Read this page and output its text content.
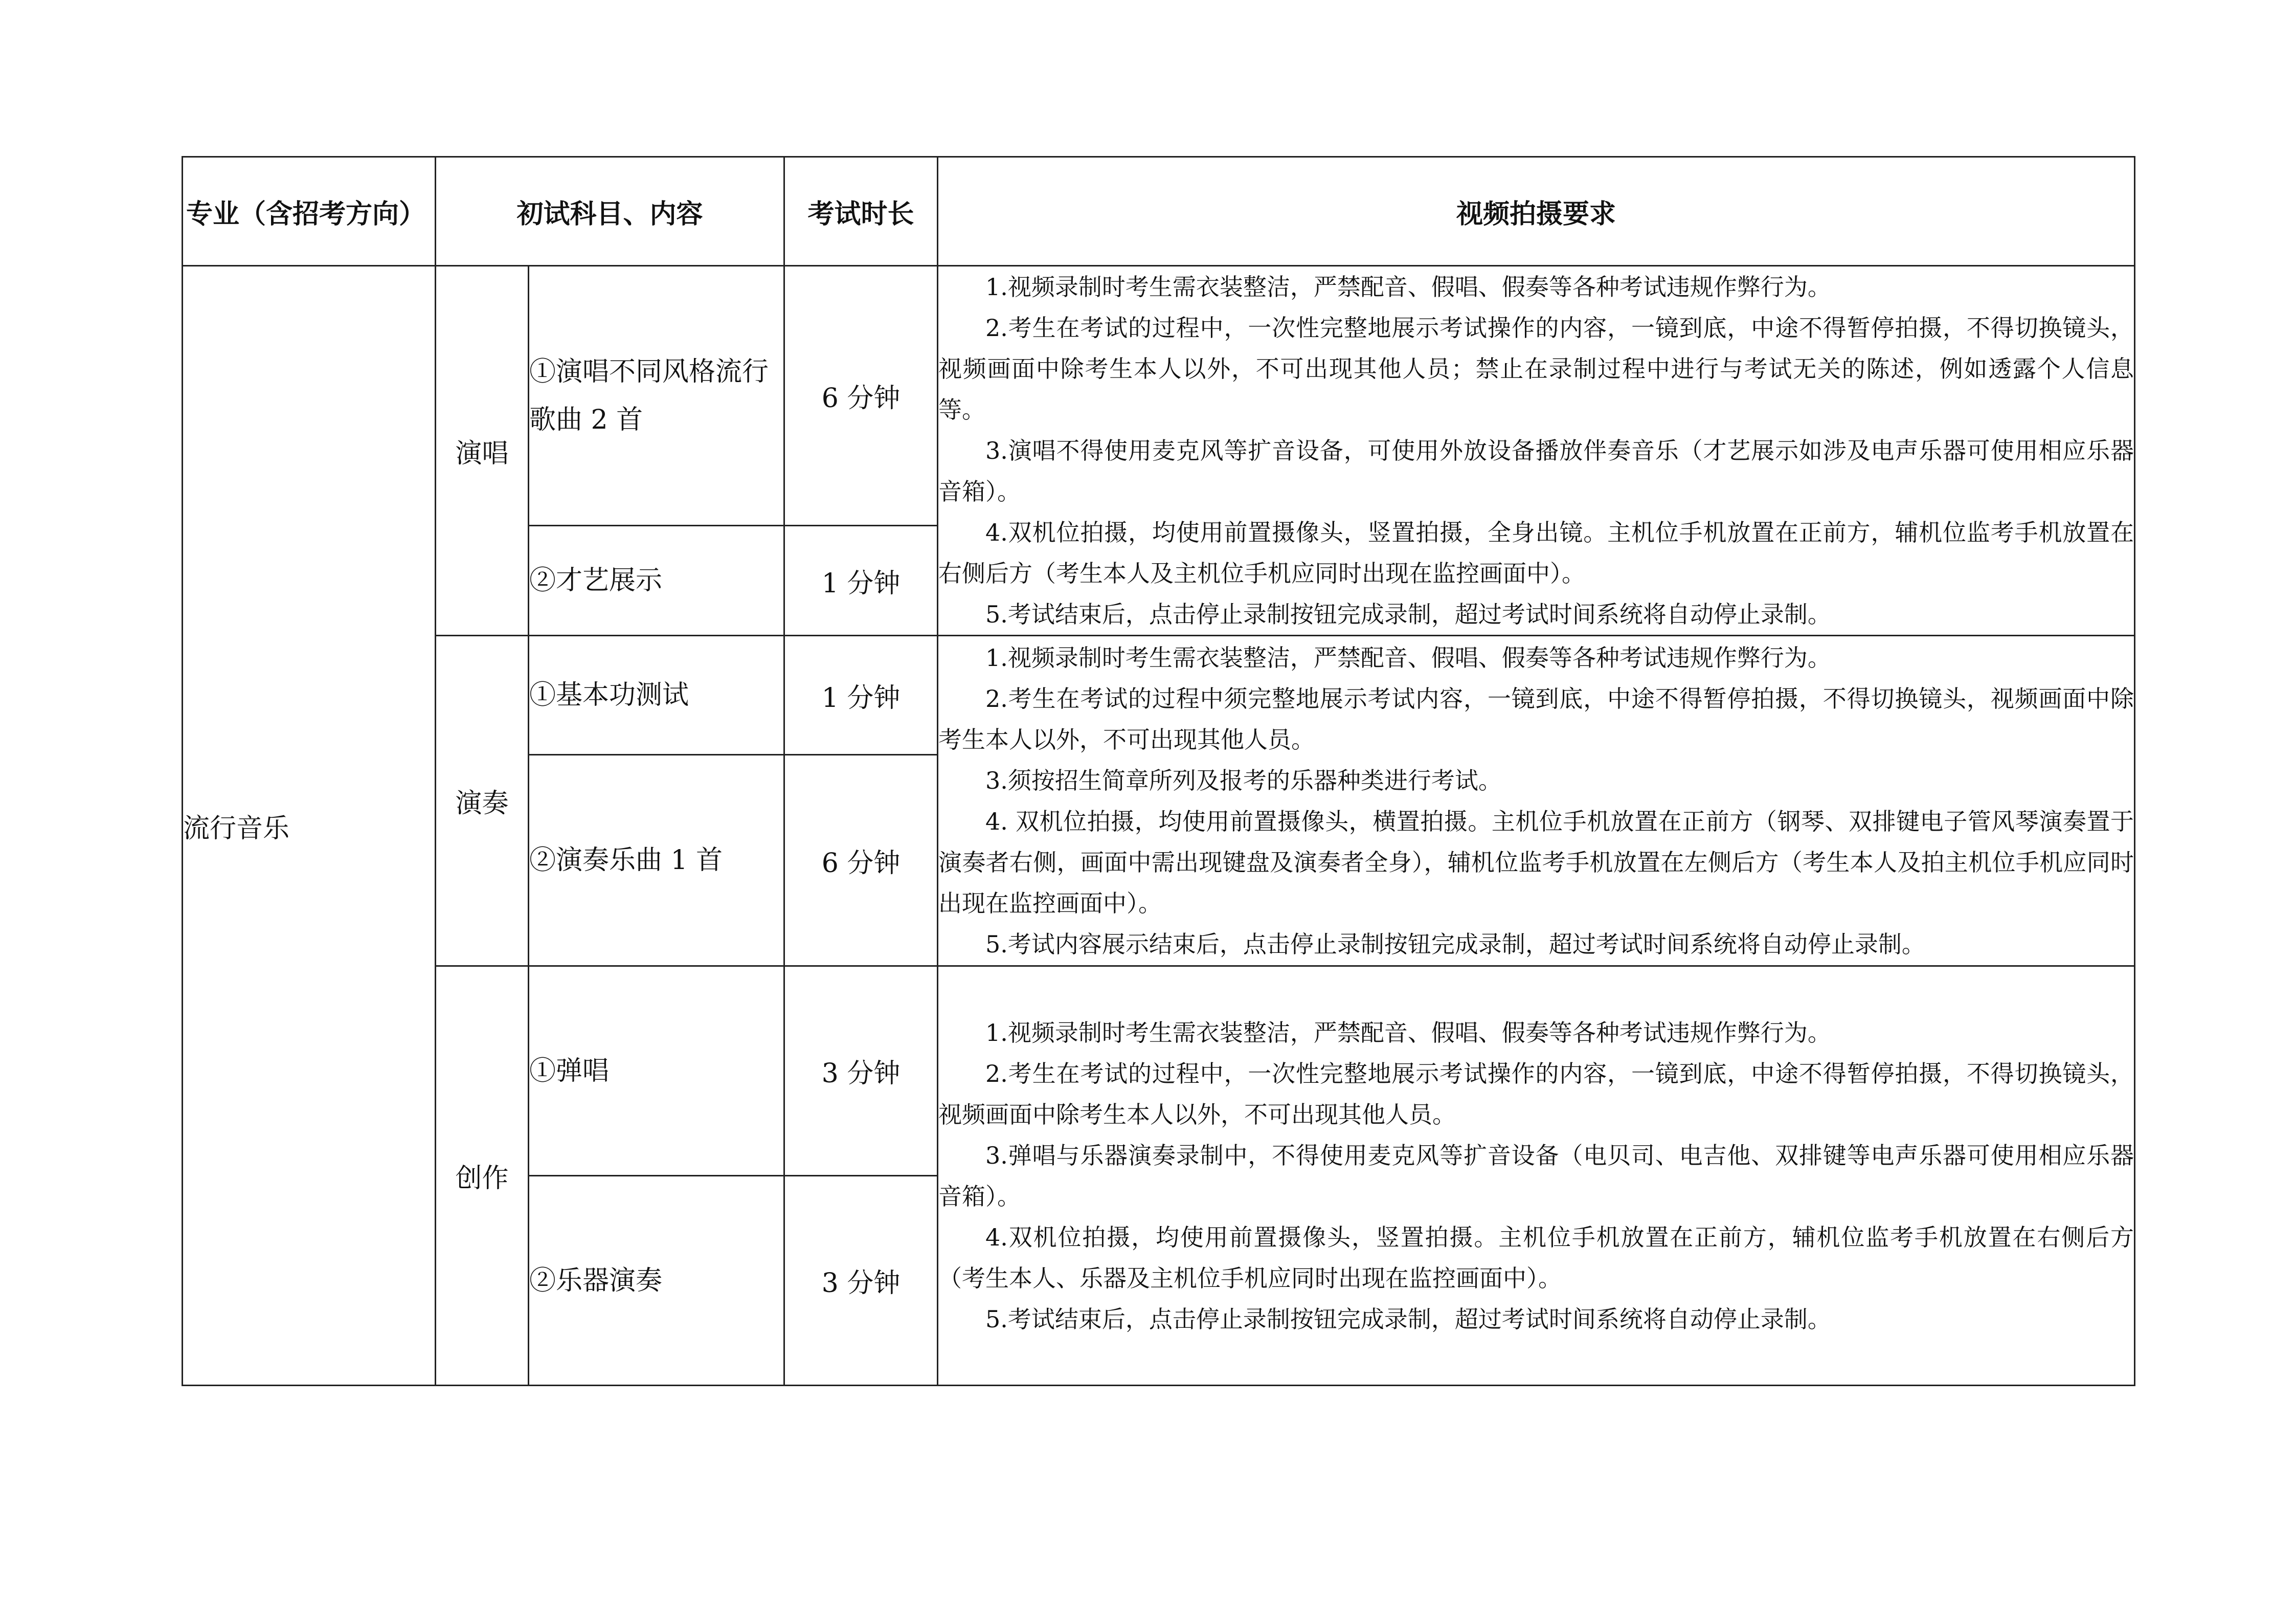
专业（含招考方向）	初试科目、内容		考试时长	视频拍摄要求
流行音乐	演唱	①演唱不同风格流行歌曲 2 首	6 分钟	1.视频录制时考生需衣装整洁，严禁配音、假唱、假奏等各种考试违规作弊行为。

2.考生在考试的过程中，一次性完整地展示考试操作的内容，一镜到底，中途不得暂停拍摄，不得切换镜头，视频画面中除考生本人以外，不可出现其他人员；禁止在录制过程中进行与考试无关的陈述，例如透露个人信息等。

3.演唱不得使用麦克风等扩音设备，可使用外放设备播放伴奏音乐（才艺展示如涉及电声乐器可使用相应乐器音箱）。

4.双机位拍摄，均使用前置摄像头，竖置拍摄，全身出镜。主机位手机放置在正前方，辅机位监考手机放置在右侧后方（考生本人及主机位手机应同时出现在监控画面中）。

5.考试结束后，点击停止录制按钮完成录制，超过考试时间系统将自动停止录制。

		②才艺展示	1 分钟	
	演奏	①基本功测试	1 分钟	1.视频录制时考生需衣装整洁，严禁配音、假唱、假奏等各种考试违规作弊行为。

2.考生在考试的过程中须完整地展示考试内容，一镜到底，中途不得暂停拍摄，不得切换镜头，视频画面中除考生本人以外，不可出现其他人员。

3.须按招生简章所列及报考的乐器种类进行考试。

4. 双机位拍摄，均使用前置摄像头，横置拍摄。主机位手机放置在正前方（钢琴、双排键电子管风琴演奏置于演奏者右侧，画面中需出现键盘及演奏者全身），辅机位监考手机放置在左侧后方（考生本人及拍主机位手机应同时出现在监控画面中）。

5.考试内容展示结束后，点击停止录制按钮完成录制，超过考试时间系统将自动停止录制。

		②演奏乐曲 1 首	6 分钟	
	创作	①弹唱	3 分钟	1.视频录制时考生需衣装整洁，严禁配音、假唱、假奏等各种考试违规作弊行为。

2.考生在考试的过程中，一次性完整地展示考试操作的内容，一镜到底，中途不得暂停拍摄，不得切换镜头，视频画面中除考生本人以外，不可出现其他人员。

3.弹唱与乐器演奏录制中，不得使用麦克风等扩音设备（电贝司、电吉他、双排键等电声乐器可使用相应乐器音箱）。

4.双机位拍摄，均使用前置摄像头，竖置拍摄。主机位手机放置在正前方，辅机位监考手机放置在右侧后方（考生本人、乐器及主机位手机应同时出现在监控画面中）。

5.考试结束后，点击停止录制按钮完成录制，超过考试时间系统将自动停止录制。

		②乐器演奏	3 分钟	
